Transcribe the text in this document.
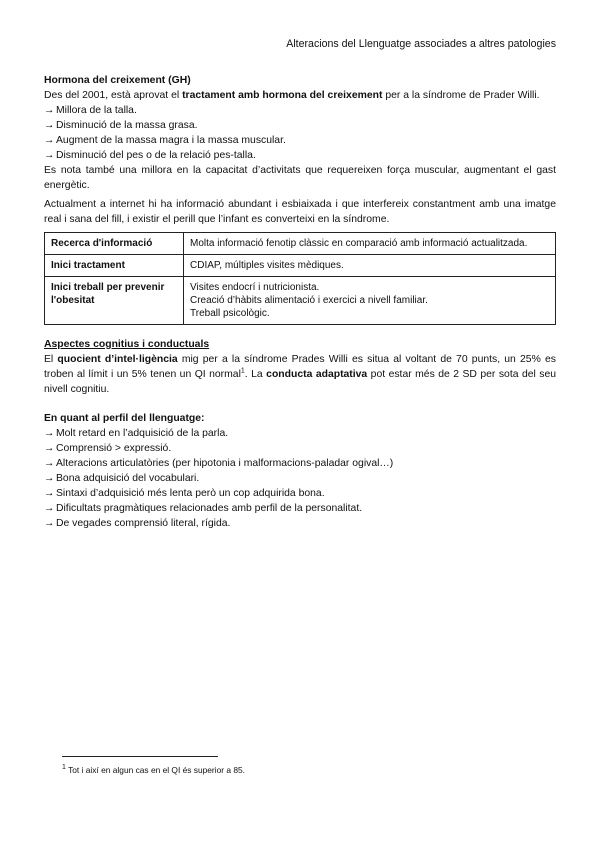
Alteracions del Llenguatge associades a altres patologies
Hormona del creixement (GH)

Des del 2001, està aprovat el tractament amb hormona del creixement per a la síndrome de Prader Willi.

→ Millora de la talla.
→ Disminució de la massa grasa.
→ Augment de la massa magra i la massa muscular.
→ Disminució del pes o de la relació pes-talla.

Es nota també una millora en la capacitat d’activitats que requereixen força muscular, augmentant el gast energètic.

Actualment a internet hi ha informació abundant i esbiaixada i que interfereix constantment amb una imatge real i sana del fill, i existir el perill que l’infant es converteixi en la síndrome.

Recerca d'informació	Molta informació fenotip clàssic en comparació amb informació actualitzada.

Inici tractament	CDIAP, múltiples visites mèdiques.

Inici treball per prevenir l'obesitat	Visites endocrí i nutricionista.
Creació d’hàbits alimentació i exercici a nivell familiar.
Treball psicològic.
Aspectes cognitius i conductuals

El quocient d’intel·ligència mig per a la síndrome Prades Willi es situa al voltant de 70 punts, un 25% es troben al límit i un 5% tenen un QI normal$^1$. La conducta adaptativa pot estar més de 2 SD per sota del seu nivell cognitiu.

En quant al perfil del llenguatge:
→ Molt retard en l’adquisició de la parla.
→ Comprensió > expressió.
→ Alteracions articulatòries (per hipotonia i malformacions-paladar ogival…)
→ Bona adquisició del vocabulari.
→ Sintaxi d’adquisició més lenta però un cop adquirida bona.
→ Dificultats pragmàtiques relacionades amb perfil de la personalitat.
→ De vegades comprensió literal, rígida.
$^1$ Tot i així en algun cas en el QI és superior a 85.
